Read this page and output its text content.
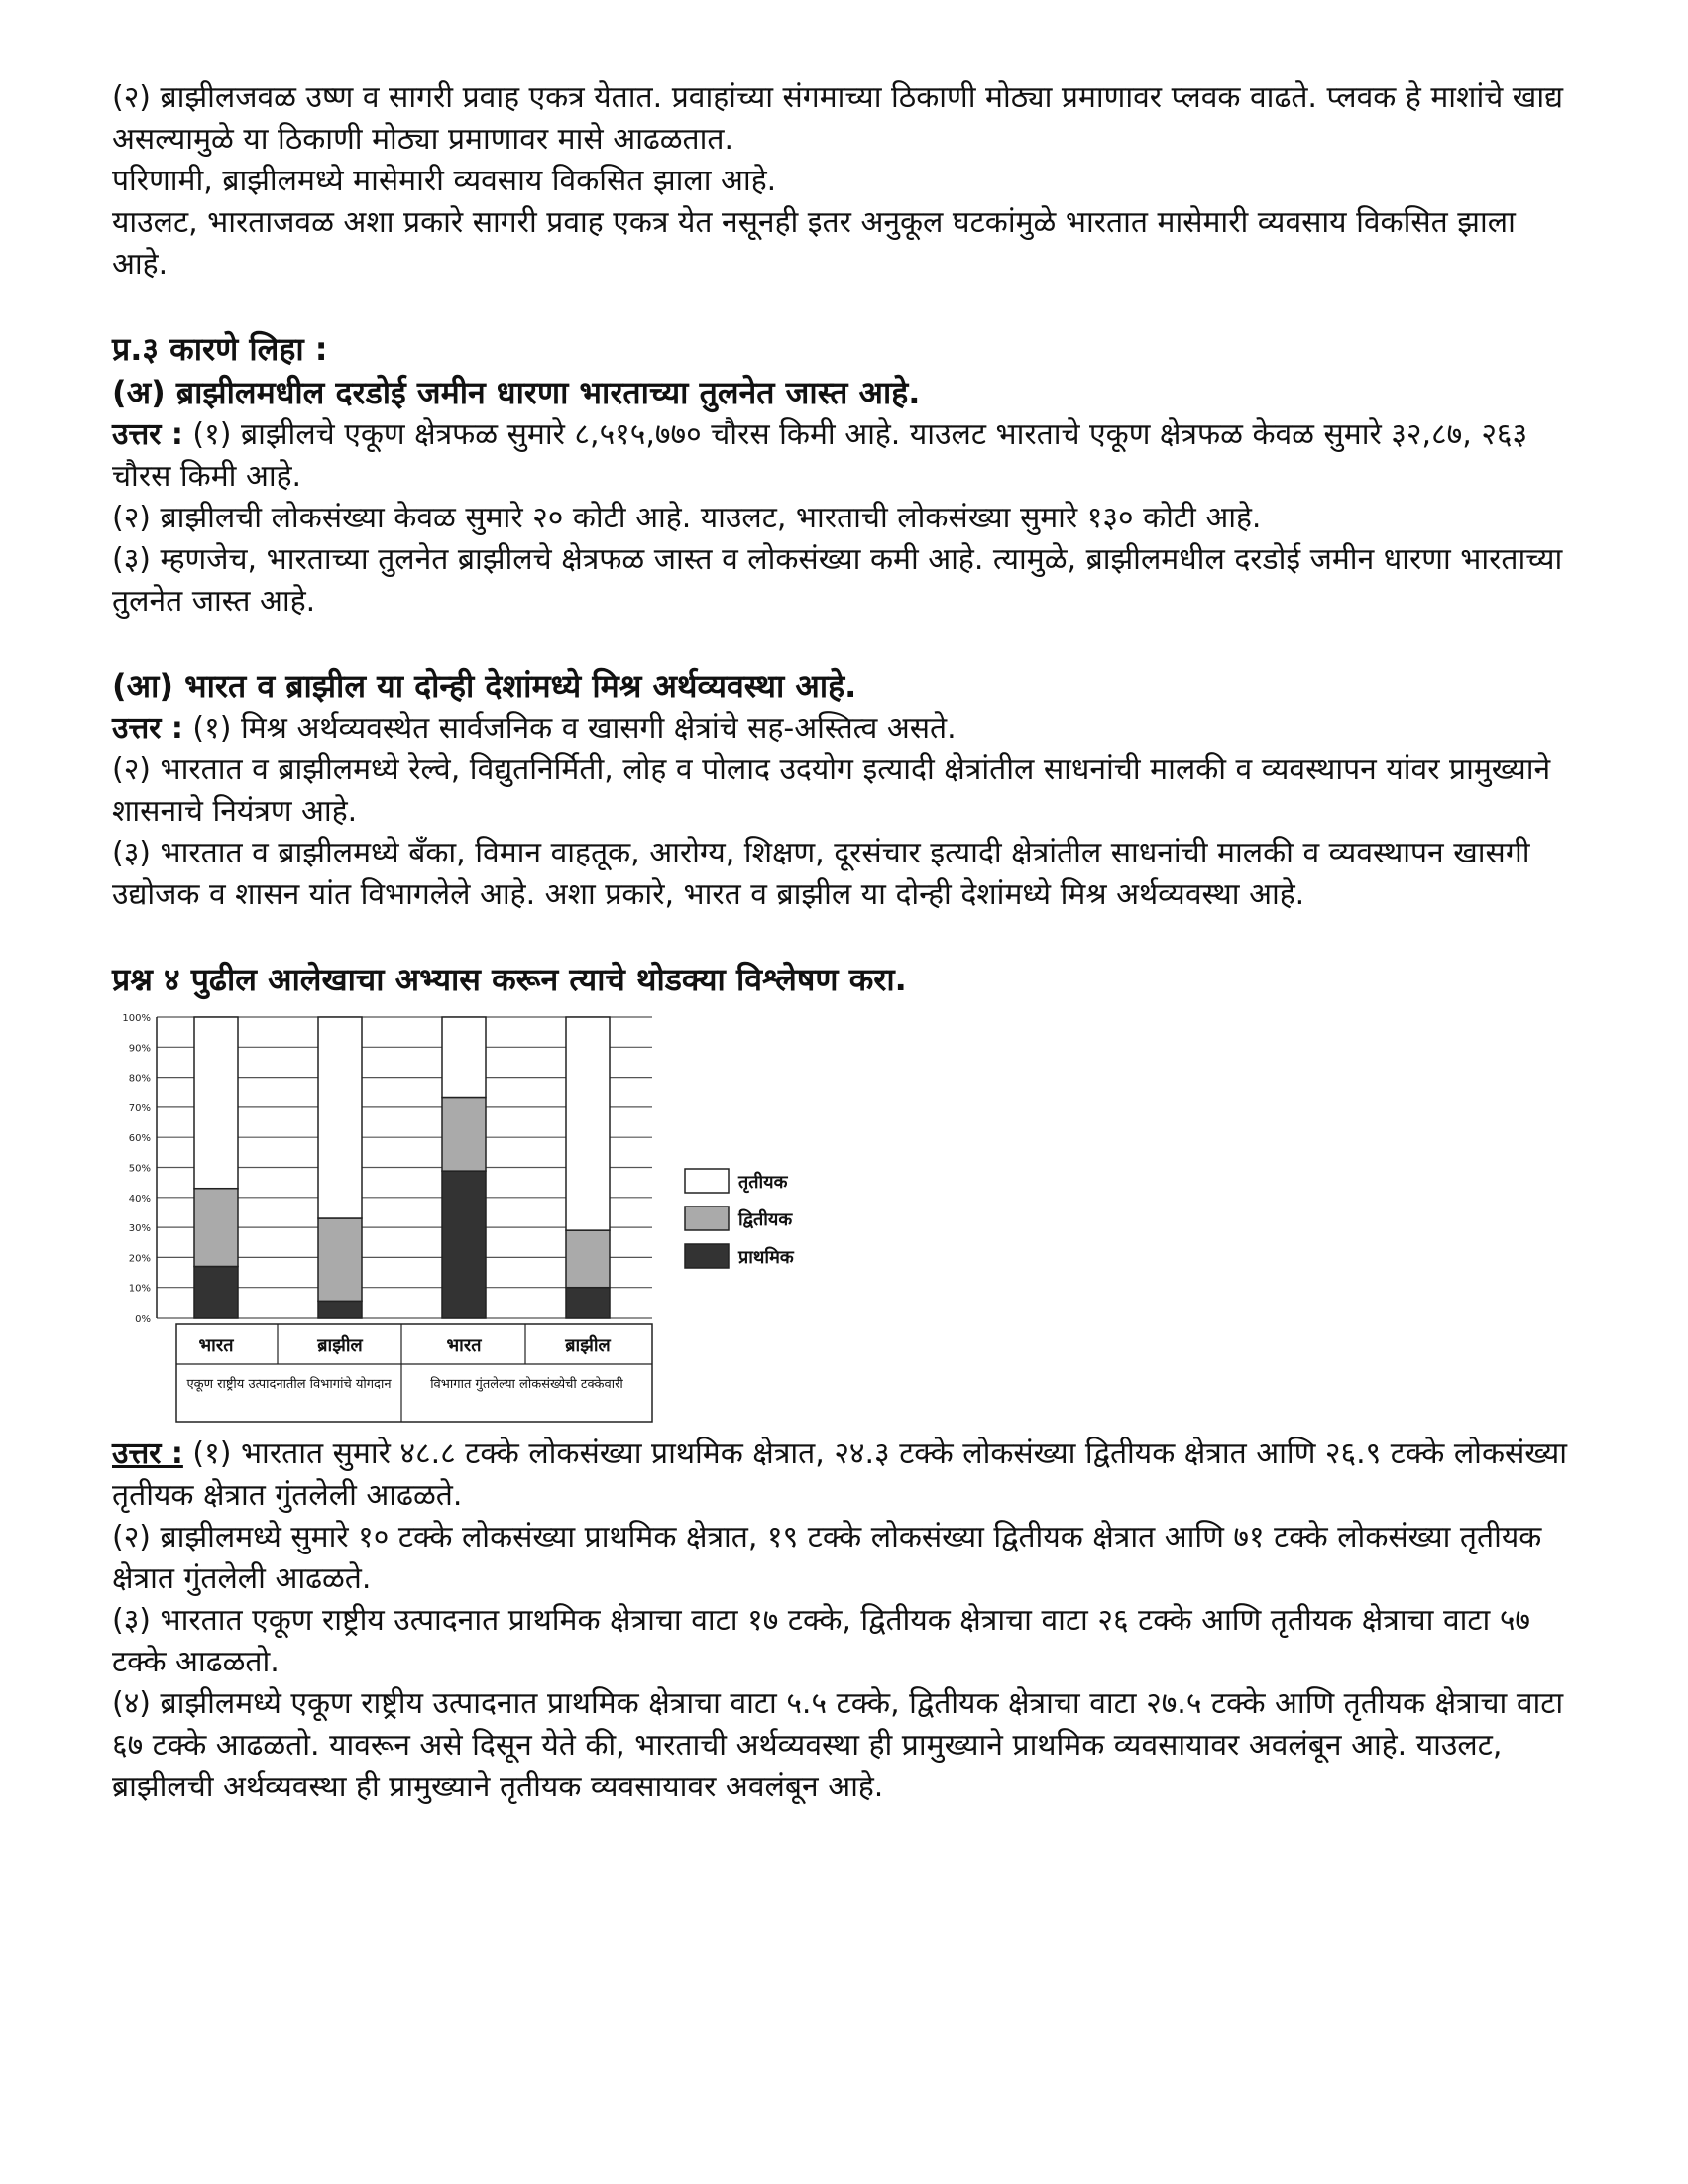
(२) ब्राझीलजवळ उष्ण व सागरी प्रवाह एकत्र येतात. प्रवाहांच्या संगमाच्या ठिकाणी मोठ्या प्रमाणावर प्लवक वाढते. प्लवक हे माशांचे खाद्य असल्यामुळे या ठिकाणी मोठ्या प्रमाणावर मासे आढळतात.

परिणामी, ब्राझीलमध्ये मासेमारी व्यवसाय विकसित झाला आहे.

याउलट, भारताजवळ अशा प्रकारे सागरी प्रवाह एकत्र येत नसूनही इतर अनुकूल घटकांमुळे भारतात मासेमारी व्यवसाय विकसित झाला आहे.

प्र.३ कारणे लिहा :

(अ) ब्राझीलमधील दरडोई जमीन धारणा भारताच्या तुलनेत जास्त आहे.

उत्तर : (१) ब्राझीलचे एकूण क्षेत्रफळ सुमारे ८,५१५,७७० चौरस किमी आहे. याउलट भारताचे एकूण क्षेत्रफळ केवळ सुमारे ३२,८७, २६३ चौरस किमी आहे.

(२) ब्राझीलची लोकसंख्या केवळ सुमारे २० कोटी आहे. याउलट, भारताची लोकसंख्या सुमारे १३० कोटी आहे.

(३) म्हणजेच, भारताच्या तुलनेत ब्राझीलचे क्षेत्रफळ जास्त व लोकसंख्या कमी आहे. त्यामुळे, ब्राझीलमधील दरडोई जमीन धारणा भारताच्या तुलनेत जास्त आहे.

(आ) भारत व ब्राझील या दोन्ही देशांमध्ये मिश्र अर्थव्यवस्था आहे.

उत्तर : (१) मिश्र अर्थव्यवस्थेत सार्वजनिक व खासगी क्षेत्रांचे सह-अस्तित्व असते.

(२) भारतात व ब्राझीलमध्ये रेल्वे, विद्युतनिर्मिती, लोह व पोलाद उदयोग इत्यादी क्षेत्रांतील साधनांची मालकी व व्यवस्थापन यांवर प्रामुख्याने शासनाचे नियंत्रण आहे.

(३) भारतात व ब्राझीलमध्ये बँका, विमान वाहतूक, आरोग्य, शिक्षण, दूरसंचार इत्यादी क्षेत्रांतील साधनांची मालकी व व्यवस्थापन खासगी उद्योजक व शासन यांत विभागलेले आहे. अशा प्रकारे, भारत व ब्राझील या दोन्ही देशांमध्ये मिश्र अर्थव्यवस्था आहे.

प्रश्न ४ पुढील आलेखाचा अभ्यास करून त्याचे थोडक्या विश्लेषण करा.

0%
10%
20%
30%
40%
50%
60%
70%
80%
90%
100%
भारत	ब्राझील	भारत	ब्राझील
एकूण राष्ट्रीय उत्पादनातील विभागांचे योगदान	विभागात गुंतलेल्या लोकसंख्येची टक्केवारी
तृतीयक
द्वितीयक
प्राथमिक

उत्तर : (१) भारतात सुमारे ४८.८ टक्के लोकसंख्या प्राथमिक क्षेत्रात, २४.३ टक्के लोकसंख्या द्वितीयक क्षेत्रात आणि २६.९ टक्के लोकसंख्या तृतीयक क्षेत्रात गुंतलेली आढळते.

(२) ब्राझीलमध्ये सुमारे १० टक्के लोकसंख्या प्राथमिक क्षेत्रात, १९ टक्के लोकसंख्या द्वितीयक क्षेत्रात आणि ७१ टक्के लोकसंख्या तृतीयक क्षेत्रात गुंतलेली आढळते.

(३) भारतात एकूण राष्ट्रीय उत्पादनात प्राथमिक क्षेत्राचा वाटा १७ टक्के, द्वितीयक क्षेत्राचा वाटा २६ टक्के आणि तृतीयक क्षेत्राचा वाटा ५७ टक्के आढळतो.

(४) ब्राझीलमध्ये एकूण राष्ट्रीय उत्पादनात प्राथमिक क्षेत्राचा वाटा ५.५ टक्के, द्वितीयक क्षेत्राचा वाटा २७.५ टक्के आणि तृतीयक क्षेत्राचा वाटा ६७ टक्के आढळतो. यावरून असे दिसून येते की, भारताची अर्थव्यवस्था ही प्रामुख्याने प्राथमिक व्यवसायावर अवलंबून आहे. याउलट, ब्राझीलची अर्थव्यवस्था ही प्रामुख्याने तृतीयक व्यवसायावर अवलंबून आहे.
